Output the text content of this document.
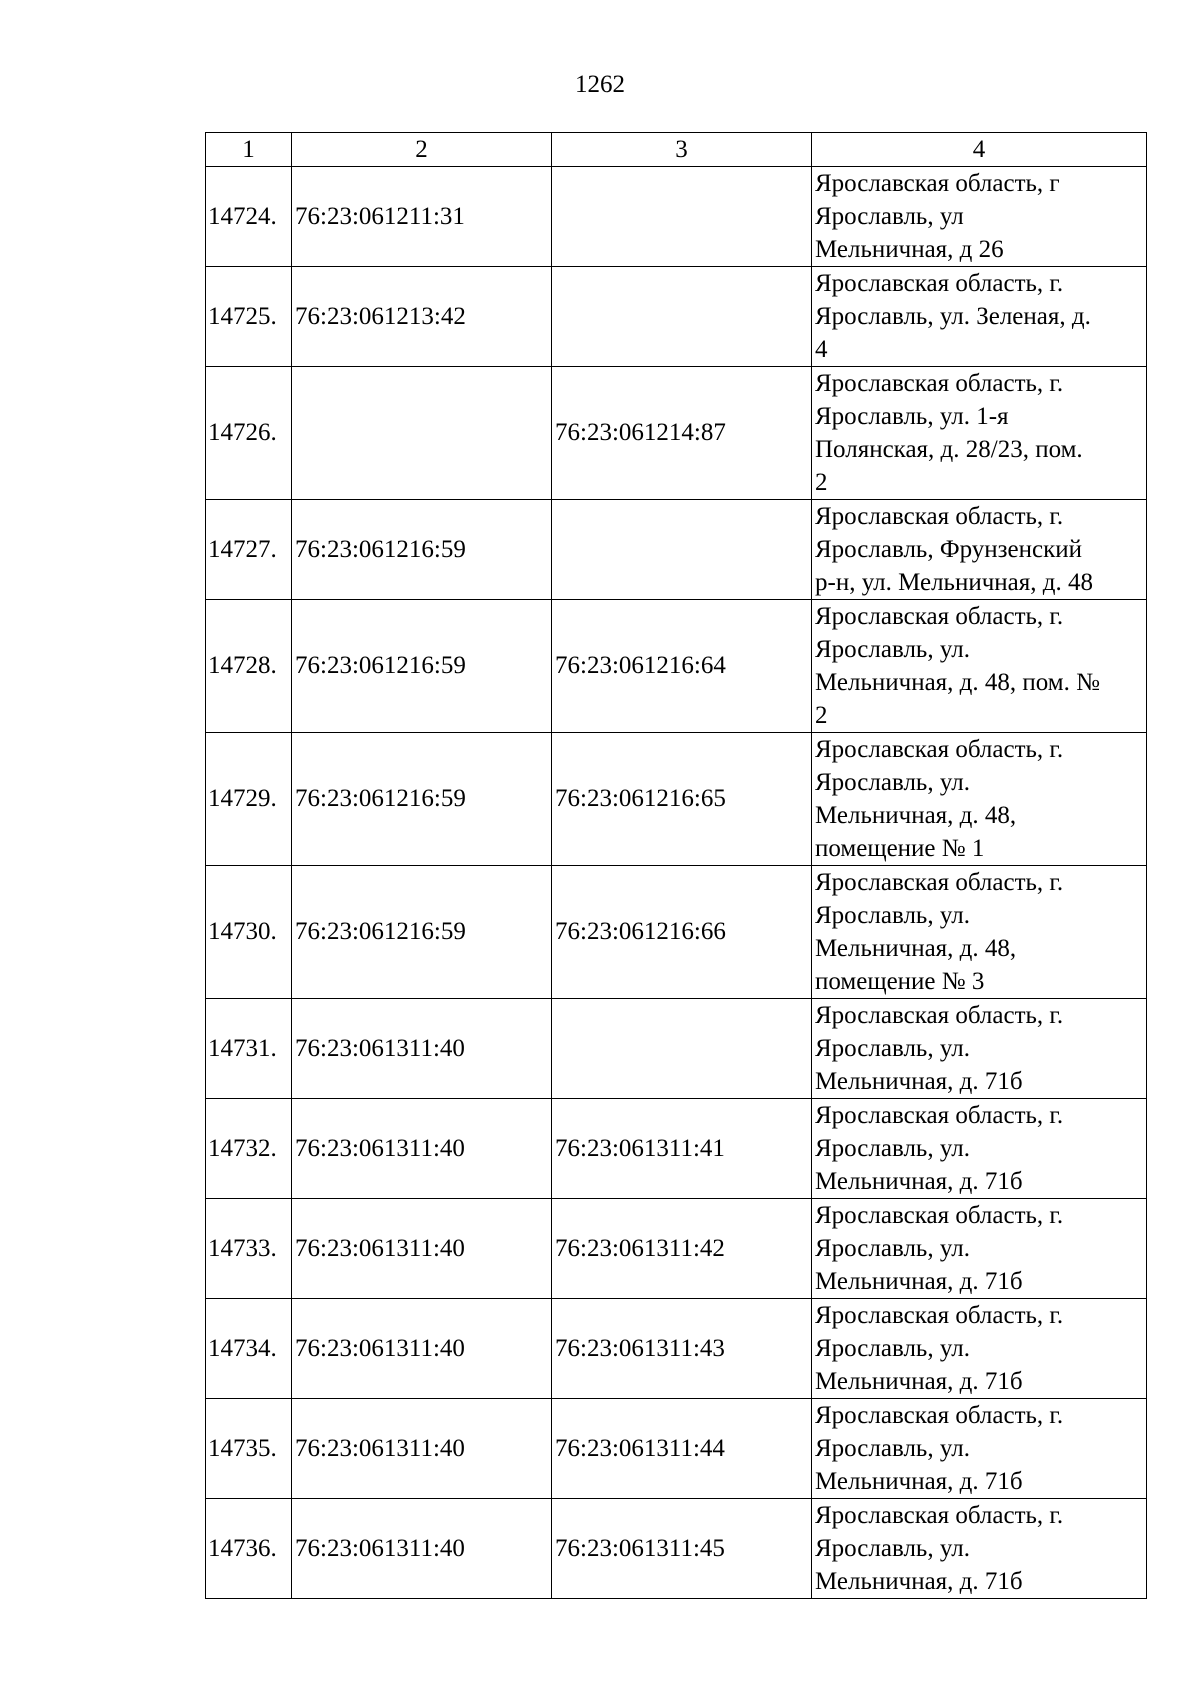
1262
1	2	3	4
14724.	76:23:061211:31		Ярославская область, г
Ярославль, ул
Мельничная, д 26
14725.	76:23:061213:42		Ярославская область, г.
Ярославль, ул. Зеленая, д.
4
14726.		76:23:061214:87	Ярославская область, г.
Ярославль, ул. 1-я
Полянская, д. 28/23, пом.
2
14727.	76:23:061216:59		Ярославская область, г.
Ярославль, Фрунзенский
р-н, ул. Мельничная, д. 48
14728.	76:23:061216:59	76:23:061216:64	Ярославская область, г.
Ярославль, ул.
Мельничная, д. 48, пом. №
2
14729.	76:23:061216:59	76:23:061216:65	Ярославская область, г.
Ярославль, ул.
Мельничная, д. 48,
помещение № 1
14730.	76:23:061216:59	76:23:061216:66	Ярославская область, г.
Ярославль, ул.
Мельничная, д. 48,
помещение № 3
14731.	76:23:061311:40		Ярославская область, г.
Ярославль, ул.
Мельничная, д. 71б
14732.	76:23:061311:40	76:23:061311:41	Ярославская область, г.
Ярославль, ул.
Мельничная, д. 71б
14733.	76:23:061311:40	76:23:061311:42	Ярославская область, г.
Ярославль, ул.
Мельничная, д. 71б
14734.	76:23:061311:40	76:23:061311:43	Ярославская область, г.
Ярославль, ул.
Мельничная, д. 71б
14735.	76:23:061311:40	76:23:061311:44	Ярославская область, г.
Ярославль, ул.
Мельничная, д. 71б
14736.	76:23:061311:40	76:23:061311:45	Ярославская область, г.
Ярославль, ул.
Мельничная, д. 71б
